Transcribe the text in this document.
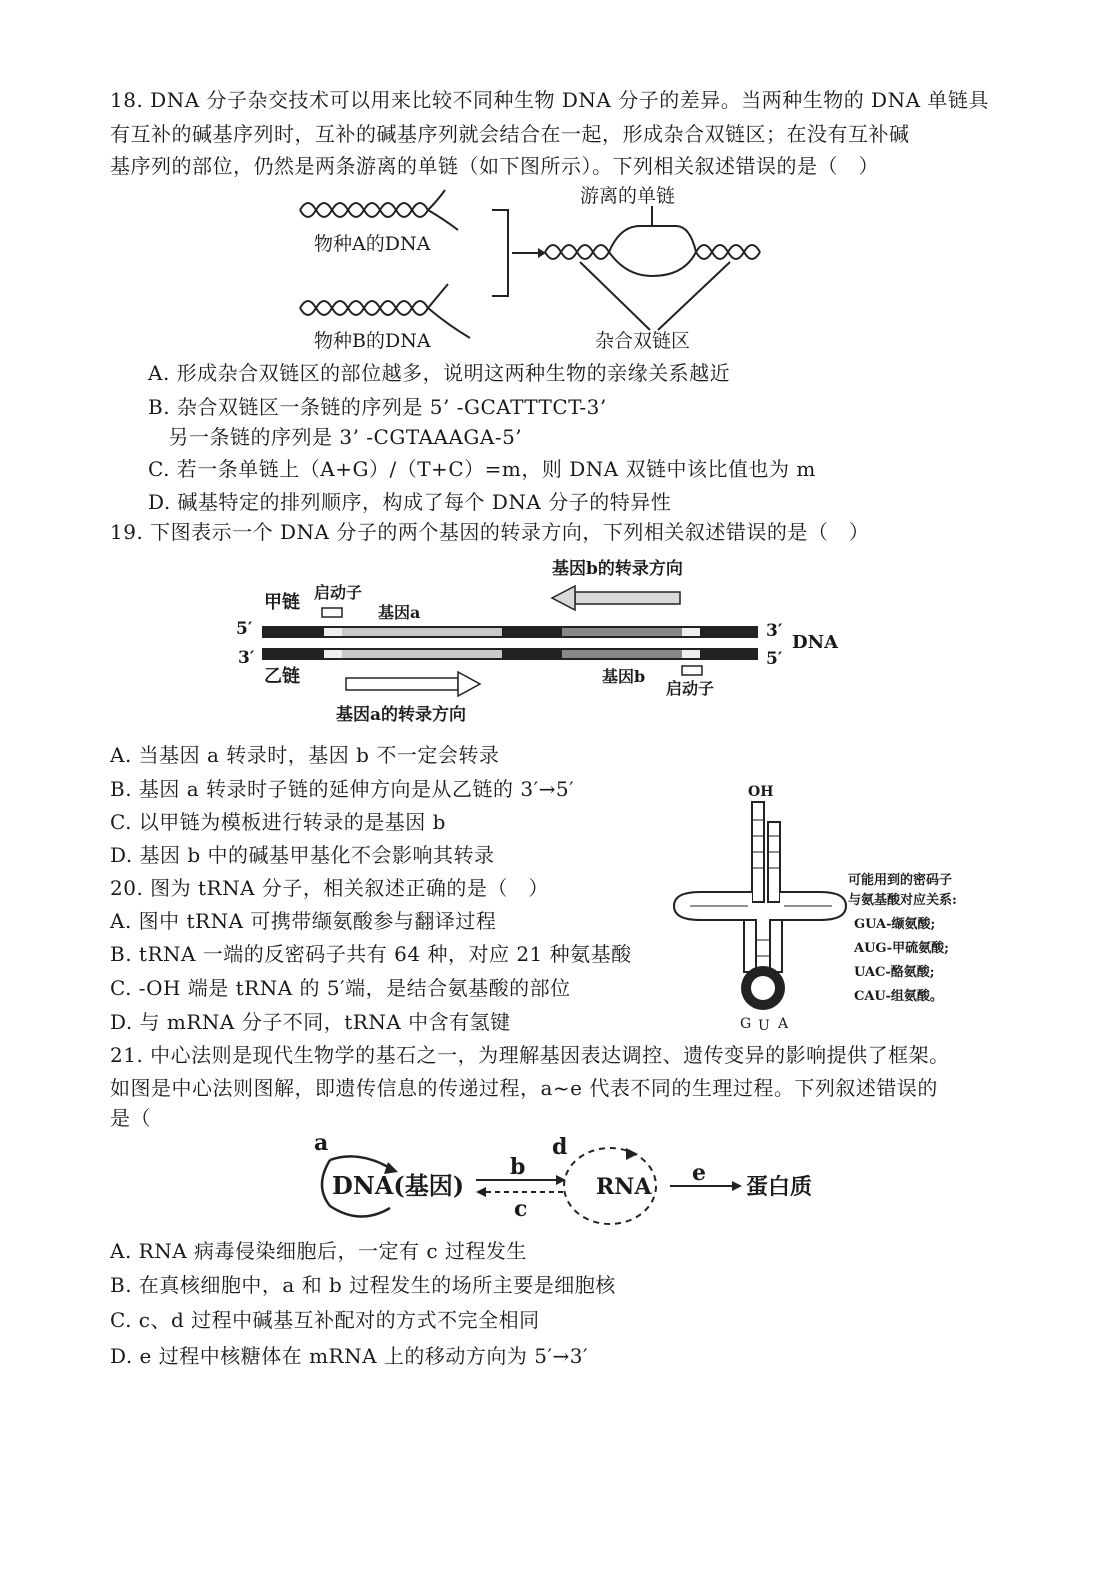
18. DNA 分子杂交技术可以用来比较不同种生物 DNA 分子的差异。当两种生物的 DNA 单链具
有互补的碱基序列时，互补的碱基序列就会结合在一起，形成杂合双链区；在没有互补碱
基序列的部位，仍然是两条游离的单链（如下图所示）。下列相关叙述错误的是（　）
物种A的DNA
物种B的DNA
游离的单链
杂合双链区
A. 形成杂合双链区的部位越多，说明这两种生物的亲缘关系越近
B. 杂合双链区一条链的序列是 5’ -GCATTTCT-3’
　另一条链的序列是 3’ -CGTAAAGA-5’
C. 若一条单链上（A+G）/（T+C）=m，则 DNA 双链中该比值也为 m
D. 碱基特定的排列顺序，构成了每个 DNA 分子的特异性
19. 下图表示一个 DNA 分子的两个基因的转录方向，下列相关叙述错误的是（　）
基因b的转录方向
甲链 启动子
基因a
5′
3′
3′
5′
DNA
乙链	基因b
启动子
基因a的转录方向
A. 当基因 a 转录时，基因 b 不一定会转录
B. 基因 a 转录时子链的延伸方向是从乙链的 3′→5′
C. 以甲链为模板进行转录的是基因 b
D. 基因 b 中的碱基甲基化不会影响其转录
20. 图为 tRNA 分子，相关叙述正确的是（　）
A. 图中 tRNA 可携带缬氨酸参与翻译过程
B. tRNA 一端的反密码子共有 64 种，对应 21 种氨基酸
C. -OH 端是 tRNA 的 5′端，是结合氨基酸的部位
D. 与 mRNA 分子不同，tRNA 中含有氢键
OH
G U A
可能用到的密码子
与氨基酸对应关系:
GUA-缬氨酸;
AUG-甲硫氨酸;
UAC-酪氨酸;
CAU-组氨酸。
21. 中心法则是现代生物学的基石之一，为理解基因表达调控、遗传变异的影响提供了框架。
如图是中心法则图解，即遗传信息的传递过程，a~e 代表不同的生理过程。下列叙述错误的
是（
a
DNA(基因)
b
c
d
RNA
e
蛋白质
A. RNA 病毒侵染细胞后，一定有 c 过程发生
B. 在真核细胞中，a 和 b 过程发生的场所主要是细胞核
C. c、d 过程中碱基互补配对的方式不完全相同
D. e 过程中核糖体在 mRNA 上的移动方向为 5′→3′
